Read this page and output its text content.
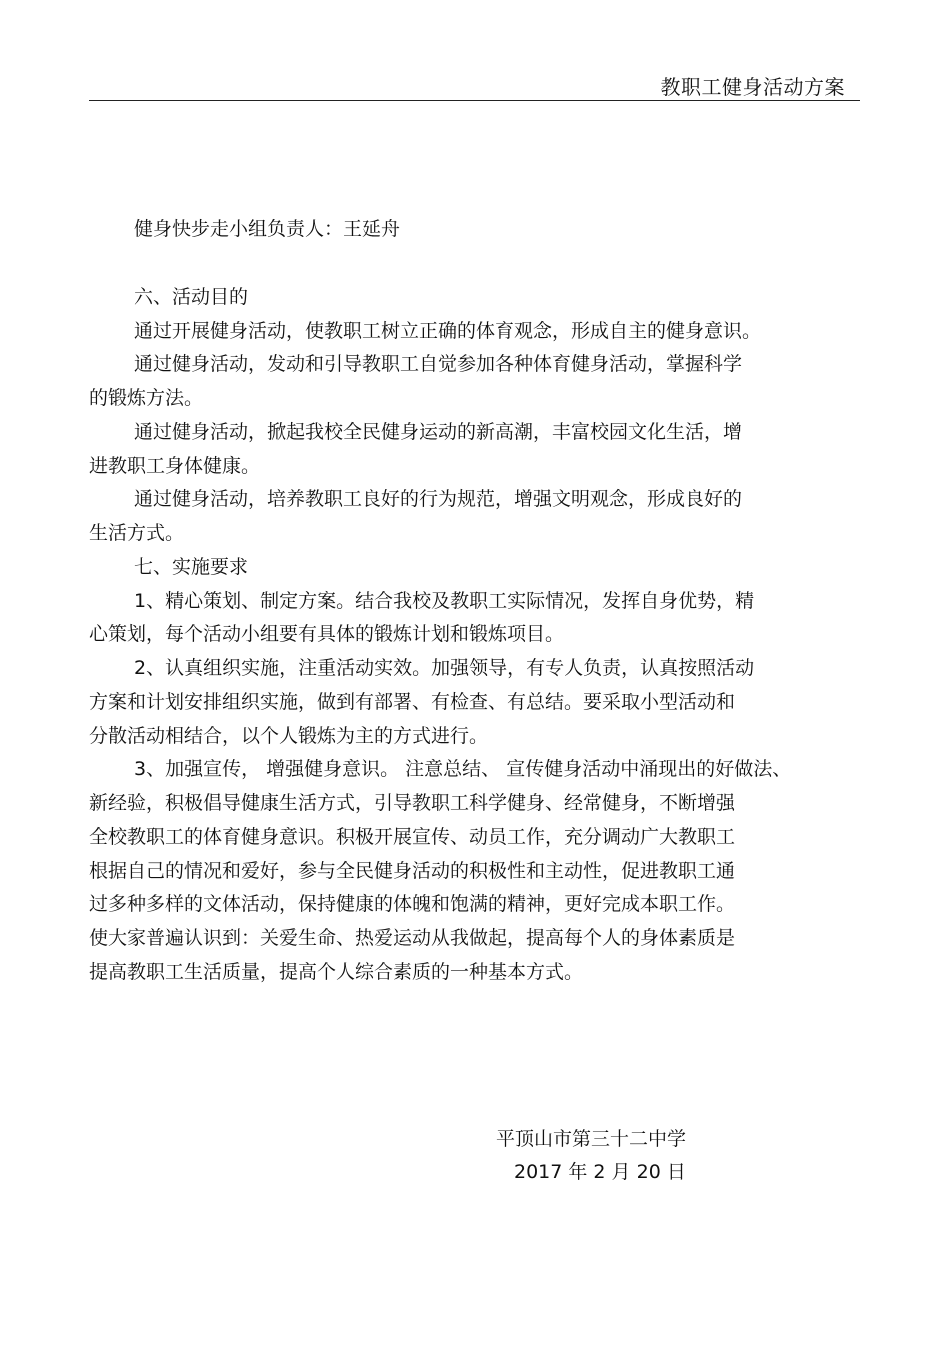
教职工健身活动方案
健身快步走小组负责人：王延舟
六、活动目的
通过开展健身活动，使教职工树立正确的体育观念，形成自主的健身意识。
通过健身活动，发动和引导教职工自觉参加各种体育健身活动，掌握科学
的锻炼方法。
通过健身活动，掀起我校全民健身运动的新高潮，丰富校园文化生活，增
进教职工身体健康。
通过健身活动，培养教职工良好的行为规范，增强文明观念，形成良好的
生活方式。
七、实施要求
1、精心策划、制定方案。结合我校及教职工实际情况，发挥自身优势，精
心策划，每个活动小组要有具体的锻炼计划和锻炼项目。
2、认真组织实施，注重活动实效。加强领导，有专人负责，认真按照活动
方案和计划安排组织实施，做到有部署、有检查、有总结。要采取小型活动和
分散活动相结合，以个人锻炼为主的方式进行。
3、加强宣传， 增强健身意识。 注意总结、 宣传健身活动中涌现出的好做法、
新经验，积极倡导健康生活方式，引导教职工科学健身、经常健身，不断增强
全校教职工的体育健身意识。积极开展宣传、动员工作，充分调动广大教职工
根据自己的情况和爱好，参与全民健身活动的积极性和主动性，促进教职工通
过多种多样的文体活动，保持健康的体魄和饱满的精神，更好完成本职工作。
使大家普遍认识到：关爱生命、热爱运动从我做起，提高每个人的身体素质是
提高教职工生活质量，提高个人综合素质的一种基本方式。
平顶山市第三十二中学
2017 年 2 月 20 日
